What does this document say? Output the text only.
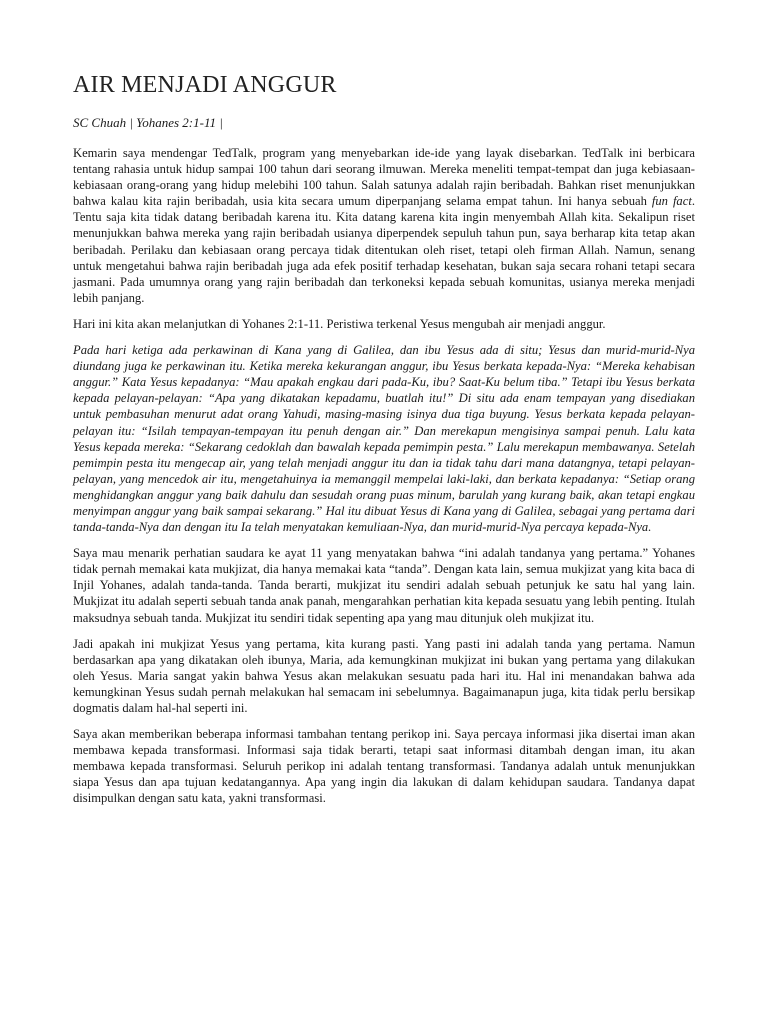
AIR MENJADI ANGGUR
SC Chuah | Yohanes 2:1-11 |

Kemarin saya mendengar TedTalk, program yang menyebarkan ide-ide yang layak disebarkan. TedTalk ini berbicara tentang rahasia untuk hidup sampai 100 tahun dari seorang ilmuwan. Mereka meneliti tempat-tempat dan juga kebiasaan-kebiasaan orang-orang yang hidup melebihi 100 tahun. Salah satunya adalah rajin beribadah. Bahkan riset menunjukkan bahwa kalau kita rajin beribadah, usia kita secara umum diperpanjang selama empat tahun. Ini hanya sebuah fun fact. Tentu saja kita tidak datang beribadah karena itu. Kita datang karena kita ingin menyembah Allah kita. Sekalipun riset menunjukkan bahwa mereka yang rajin beribadah usianya diperpendek sepuluh tahun pun, saya berharap kita tetap akan beribadah. Perilaku dan kebiasaan orang percaya tidak ditentukan oleh riset, tetapi oleh firman Allah. Namun, senang untuk mengetahui bahwa rajin beribadah juga ada efek positif terhadap kesehatan, bukan saja secara rohani tetapi secara jasmani. Pada umumnya orang yang rajin beribadah dan terkoneksi kepada sebuah komunitas, usianya mereka menjadi lebih panjang.

Hari ini kita akan melanjutkan di Yohanes 2:1-11. Peristiwa terkenal Yesus mengubah air menjadi anggur.

Pada hari ketiga ada perkawinan di Kana yang di Galilea, dan ibu Yesus ada di situ; Yesus dan murid-murid-Nya diundang juga ke perkawinan itu. Ketika mereka kekurangan anggur, ibu Yesus berkata kepada-Nya: “Mereka kehabisan anggur.” Kata Yesus kepadanya: “Mau apakah engkau dari pada-Ku, ibu? Saat-Ku belum tiba.” Tetapi ibu Yesus berkata kepada pelayan-pelayan: “Apa yang dikatakan kepadamu, buatlah itu!” Di situ ada enam tempayan yang disediakan untuk pembasuhan menurut adat orang Yahudi, masing-masing isinya dua tiga buyung. Yesus berkata kepada pelayan-pelayan itu: “Isilah tempayan-tempayan itu penuh dengan air.” Dan merekapun mengisinya sampai penuh. Lalu kata Yesus kepada mereka: “Sekarang cedoklah dan bawalah kepada pemimpin pesta.” Lalu merekapun membawanya. Setelah pemimpin pesta itu mengecap air, yang telah menjadi anggur itu dan ia tidak tahu dari mana datangnya, tetapi pelayan-pelayan, yang mencedok air itu, mengetahuinya ia memanggil mempelai laki-laki, dan berkata kepadanya: “Setiap orang menghidangkan anggur yang baik dahulu dan sesudah orang puas minum, barulah yang kurang baik, akan tetapi engkau menyimpan anggur yang baik sampai sekarang.” Hal itu dibuat Yesus di Kana yang di Galilea, sebagai yang pertama dari tanda-tanda-Nya dan dengan itu Ia telah menyatakan kemuliaan-Nya, dan murid-murid-Nya percaya kepada-Nya.

Saya mau menarik perhatian saudara ke ayat 11 yang menyatakan bahwa “ini adalah tandanya yang pertama.” Yohanes tidak pernah memakai kata mukjizat, dia hanya memakai kata “tanda”. Dengan kata lain, semua mukjizat yang kita baca di Injil Yohanes, adalah tanda-tanda. Tanda berarti, mukjizat itu sendiri adalah sebuah petunjuk ke satu hal yang lain. Mukjizat itu adalah seperti sebuah tanda anak panah, mengarahkan perhatian kita kepada sesuatu yang lebih penting. Itulah maksudnya sebuah tanda. Mukjizat itu sendiri tidak sepenting apa yang mau ditunjuk oleh mukjizat itu.

Jadi apakah ini mukjizat Yesus yang pertama, kita kurang pasti. Yang pasti ini adalah tanda yang pertama. Namun berdasarkan apa yang dikatakan oleh ibunya, Maria, ada kemungkinan mukjizat ini bukan yang pertama yang dilakukan oleh Yesus. Maria sangat yakin bahwa Yesus akan melakukan sesuatu pada hari itu. Hal ini menandakan bahwa ada kemungkinan Yesus sudah pernah melakukan hal semacam ini sebelumnya. Bagaimanapun juga, kita tidak perlu bersikap dogmatis dalam hal-hal seperti ini.

Saya akan memberikan beberapa informasi tambahan tentang perikop ini. Saya percaya informasi jika disertai iman akan membawa kepada transformasi. Informasi saja tidak berarti, tetapi saat informasi ditambah dengan iman, itu akan membawa kepada transformasi. Seluruh perikop ini adalah tentang transformasi. Tandanya adalah untuk menunjukkan siapa Yesus dan apa tujuan kedatangannya. Apa yang ingin dia lakukan di dalam kehidupan saudara. Tandanya dapat disimpulkan dengan satu kata, yakni transformasi.
